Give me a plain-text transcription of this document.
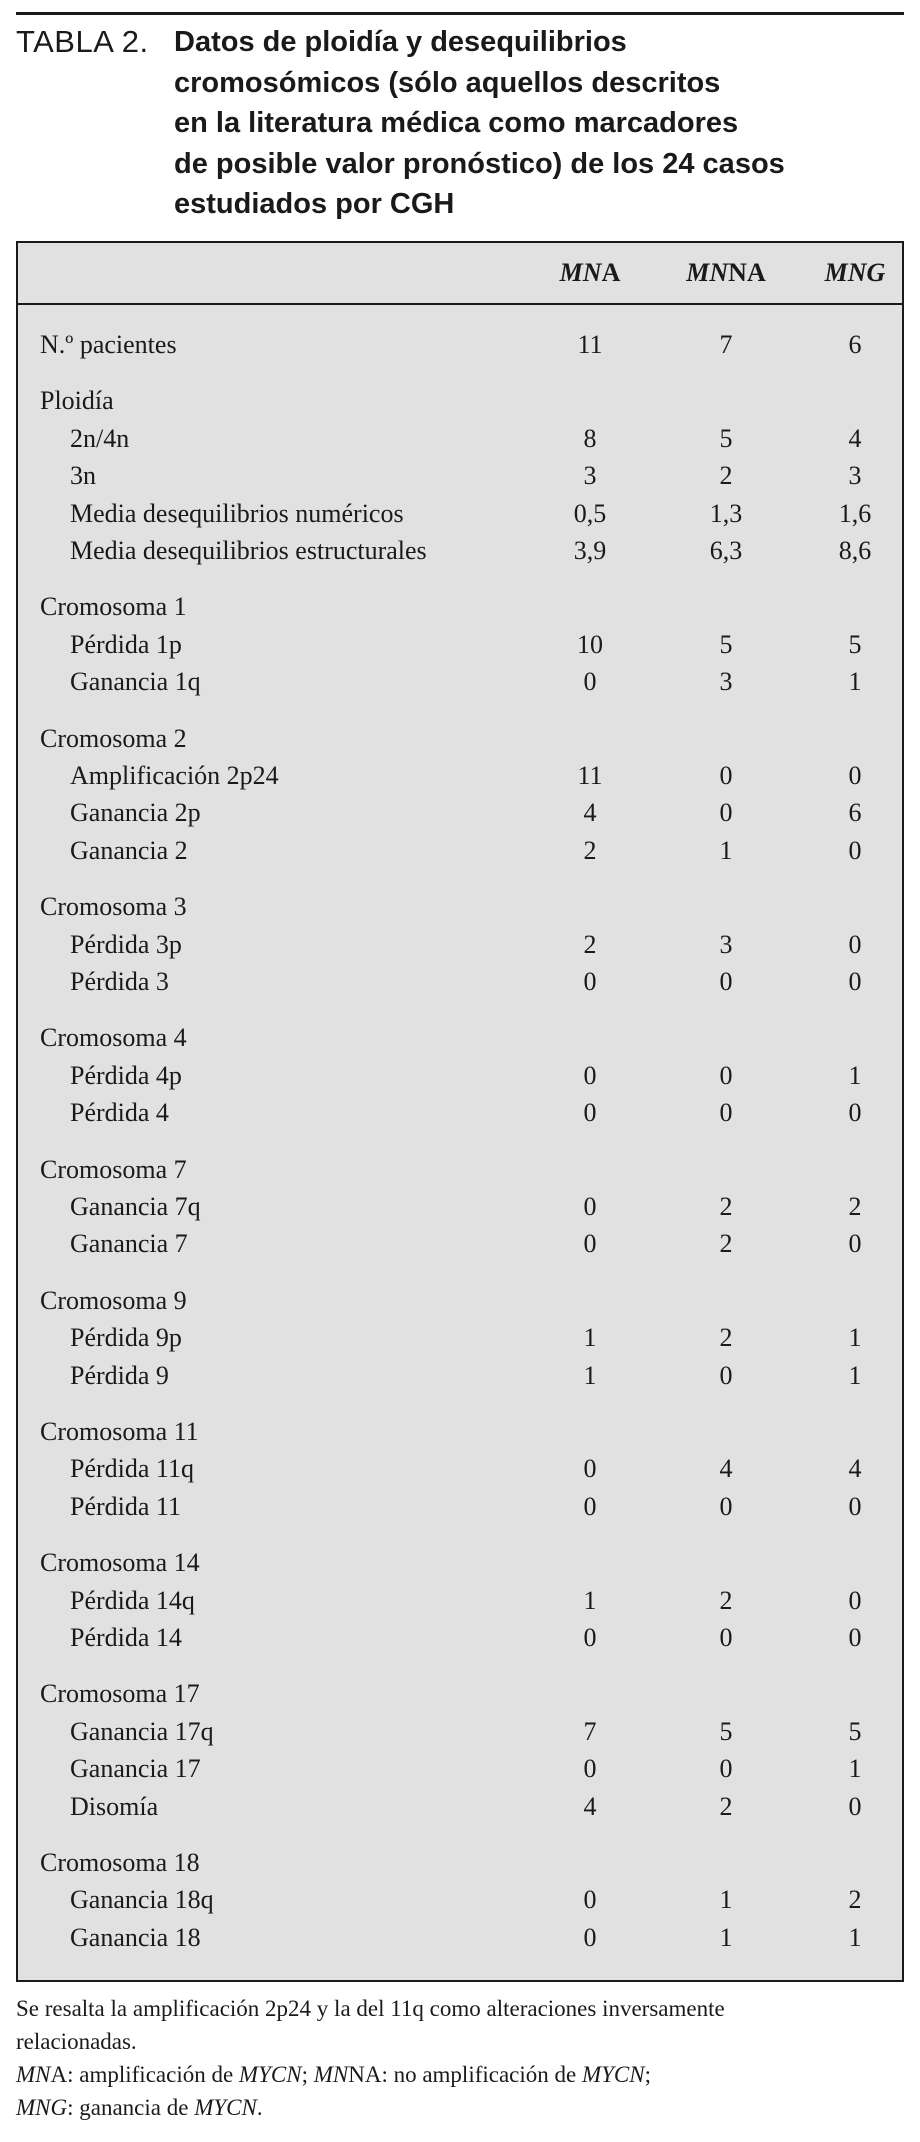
TABLA 2. Datos de ploidía y desequilibrios
cromosómicos (sólo aquellos descritos
en la literatura médica como marcadores
de posible valor pronóstico) de los 24 casos
estudiados por CGH
MNA	MNNA	MNG
N.º pacientes	11	7	6
Ploidía
2n/4n	8	5	4
3n	3	2	3
Media desequilibrios numéricos	0,5	1,3	1,6
Media desequilibrios estructurales	3,9	6,3	8,6
Cromosoma 1
Pérdida 1p	10	5	5
Ganancia 1q	0	3	1
Cromosoma 2
Amplificación 2p24	11	0	0
Ganancia 2p	4	0	6
Ganancia 2	2	1	0
Cromosoma 3
Pérdida 3p	2	3	0
Pérdida 3	0	0	0
Cromosoma 4
Pérdida 4p	0	0	1
Pérdida 4	0	0	0
Cromosoma 7
Ganancia 7q	0	2	2
Ganancia 7	0	2	0
Cromosoma 9
Pérdida 9p	1	2	1
Pérdida 9	1	0	1
Cromosoma 11
Pérdida 11q	0	4	4
Pérdida 11	0	0	0
Cromosoma 14
Pérdida 14q	1	2	0
Pérdida 14	0	0	0
Cromosoma 17
Ganancia 17q	7	5	5
Ganancia 17	0	0	1
Disomía	4	2	0
Cromosoma 18
Ganancia 18q	0	1	2
Ganancia 18	0	1	1
Se resalta la amplificación 2p24 y la del 11q como alteraciones inversamente
relacionadas.
MNA: amplificación de MYCN; MNNA: no amplificación de MYCN;
MNG: ganancia de MYCN.
